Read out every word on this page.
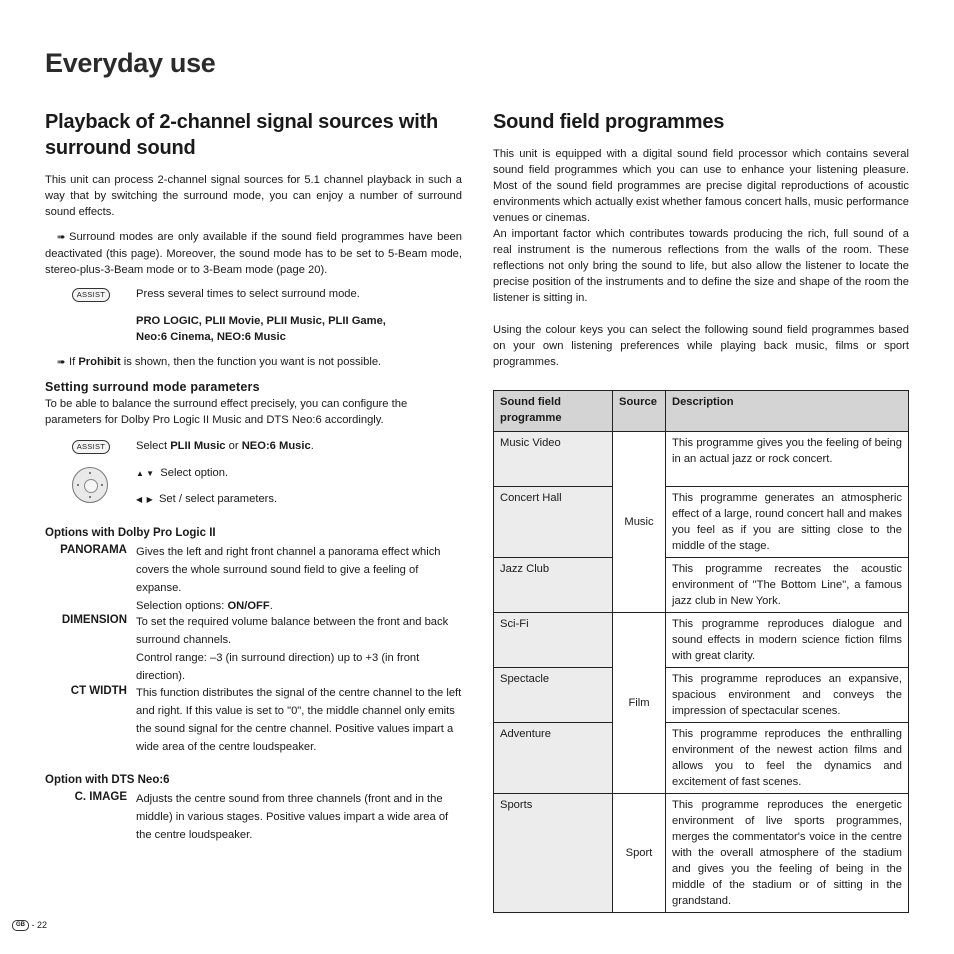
Everyday use
Playback of 2-channel signal sources with surround sound
This unit can process 2-channel signal sources for 5.1 channel playback in such a way that by switching the surround mode, you can enjoy a number of surround sound effects.
➠ Surround modes are only available if the sound field programmes have been deactivated (this page). Moreover, the sound mode has to be set to 5-Beam mode, stereo-plus-3-Beam mode or to 3-Beam mode (page 20).
ASSIST	Press several times to select surround mode.
PRO LOGIC, PLII Movie, PLII Music, PLII Game,
Neo:6 Cinema, NEO:6 Music
➠ If Prohibit is shown, then the function you want is not possible.
Setting surround mode parameters
To be able to balance the surround effect precisely, you can configure the parameters for Dolby Pro Logic II Music and DTS Neo:6 accordingly.
ASSIST	Select PLII Music or NEO:6 Music.
▲ ▼ Select option.
◀  ▶ Set / select parameters.
Options with Dolby Pro Logic II
PANORAMA Gives the left and right front channel a panorama effect which covers the whole surround sound field to give a feeling of expanse.
Selection options: ON/OFF.
DIMENSION To set the required volume balance between the front and back surround channels.
Control range: –3 (in surround direction) up to +3 (in front direction).
CT WIDTH This function distributes the signal of the centre channel to the left and right. If this value is set to "0", the middle channel only emits the sound signal for the centre channel. Positive values impart a wide area of the centre loudspeaker.
Option with DTS Neo:6
C. IMAGE Adjusts the centre sound from three channels (front and in the middle) in various stages. Positive values impart a wide area of the centre loudspeaker.
Sound field programmes
This unit is equipped with a digital sound field processor which contains several sound field programmes which you can use to enhance your listening pleasure. Most of the sound field programmes are precise digital reproductions of acoustic environments which actually exist whether famous concert halls, music performance venues or cinemas.
An important factor which contributes towards producing the rich, full sound of a real instrument is the numerous reflections from the walls of the room. These reflections not only bring the sound to life, but also allow the listener to locate the precise position of the instruments and to define the size and shape of the room the listener is sitting in.
Using the colour keys you can select the following sound field programmes based on your own listening preferences while playing back music, films or sport programmes.
Sound field programme	Source	Description
Music Video	Music	This programme gives you the feeling of being in an actual jazz or rock concert.
Concert Hall		This programme generates an atmospheric effect of a large, round concert hall and makes you feel as if you are sitting close to the middle of the stage.
Jazz Club		This programme recreates the acoustic environment of "The Bottom Line", a famous jazz club in New York.
Sci-Fi	Film	This programme reproduces dialogue and sound effects in modern science fiction films with great clarity.
Spectacle		This programme reproduces an expansive, spacious environment and conveys the impression of spectacular scenes.
Adventure		This programme reproduces the enthralling environment of the newest action films and allows you to feel the dynamics and excitement of fast scenes.
Sports	Sport	This programme reproduces the energetic environment of live sports programmes, merges the commentator's voice in the centre with the overall atmosphere of the stadium and gives you the feeling of being in the middle of the stadium or of sitting in the grandstand.
GB - 22
